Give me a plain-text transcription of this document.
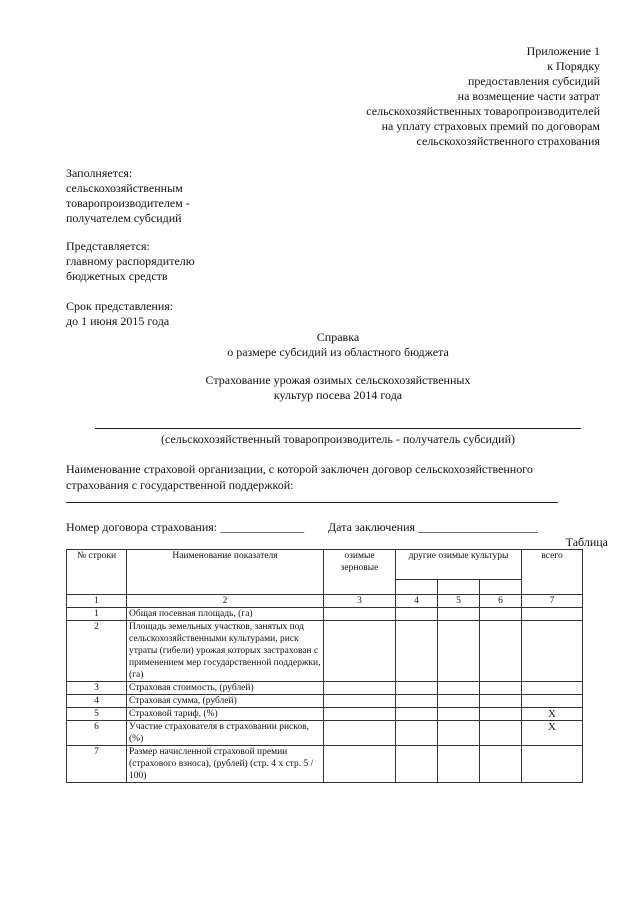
Приложение 1
к Порядку
предоставления субсидий
на возмещение части затрат
сельскохозяйственных товаропроизводителей
на уплату страховых премий по договорам
сельскохозяйственного страхования
Заполняется:
сельскохозяйственным
товаропроизводителем -
получателем субсидий
Представляется:
главному распорядителю
бюджетных средств
Срок представления:
до 1 июня 2015 года
Справка
о размере субсидий из областного бюджета
Страхование урожая озимых сельскохозяйственных
культур посева 2014 года
(сельскохозяйственный товаропроизводитель - получатель субсидий)
Наименование страховой организации, с которой заключен договор сельскохозяйственного
страхования с государственной поддержкой:
Номер договора страхования: ______________ Дата заключения ____________________
Таблица
№ строки	Наименование показателя	озимые зерновые	другие озимые культуры			всего

1	2	3	4	5	6	7
1	Общая посевная площадь, (га)					
2	Площадь земельных участков, занятых под сельскохозяйственными культурами, риск утраты (гибели) урожая которых застрахован с применением мер государственной поддержки, (га)					
3	Страховая стоимость, (рублей)					
4	Страховая сумма, (рублей)					
5	Страховой тариф, (%)					X
6	Участие страхователя в страховании рисков, (%)					X
7	Размер начисленной страховой премии (страхового взноса), (рублей) (стр. 4 х стр. 5 / 100)					
